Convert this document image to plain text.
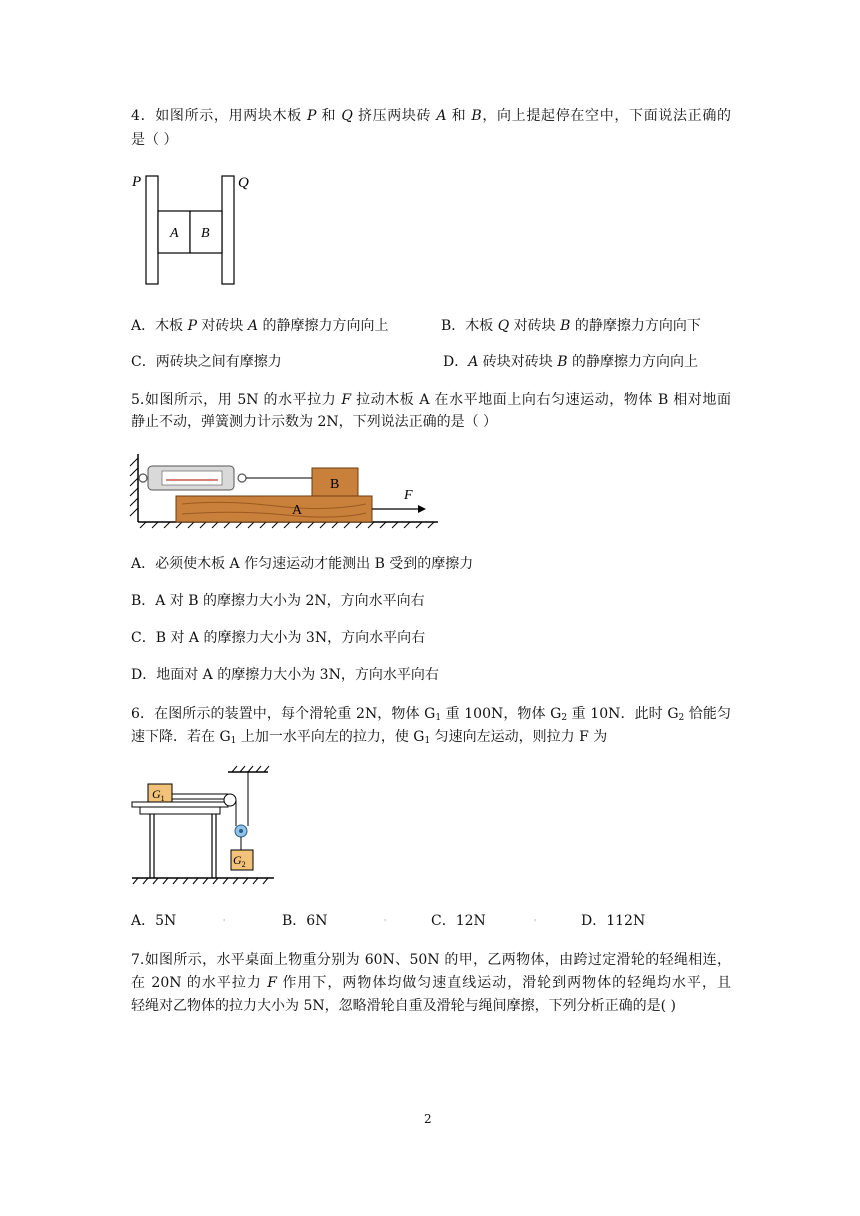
4．如图所示，用两块木板 P 和 Q 挤压两块砖 A 和 B，向上提起停在空中，下面说法正确的
是（ ）
P	Q
A B
A．木板 P 对砖块 A 的静摩擦力方向向上	B．木板 Q 对砖块 B 的静摩擦力方向向下
C．两砖块之间有摩擦力	D．A 砖块对砖块 B 的静摩擦力方向向上
5.如图所示，用 5N 的水平拉力 F 拉动木板 A 在水平地面上向右匀速运动，物体 B 相对地面
静止不动，弹簧测力计示数为 2N，下列说法正确的是（ ）
B
A
F
A．必须使木板 A 作匀速运动才能测出 B 受到的摩擦力
B．A 对 B 的摩擦力大小为 2N，方向水平向右
C．B 对 A 的摩擦力大小为 3N，方向水平向右
D．地面对 A 的摩擦力大小为 3N，方向水平向右
6．在图所示的装置中，每个滑轮重 2N，物体 $G_1$ 重 100N，物体 $G_2$ 重 10N．此时 $G_2$ 恰能匀
速下降．若在 $G_1$ 上加一水平向左的拉力，使 $G_1$ 匀速向左运动，则拉力 F 为
$G_1$
$G_2$
A．5N	'	B．6N	'	C．12N	'	D．112N
7.如图所示，水平桌面上物重分别为 60N、50N 的甲，乙两物体，由跨过定滑轮的轻绳相连，
在 20N 的水平拉力 F 作用下，两物体均做匀速直线运动，滑轮到两物体的轻绳均水平，且
轻绳对乙物体的拉力大小为 5N，忽略滑轮自重及滑轮与绳间摩擦，下列分析正确的是( )
2
